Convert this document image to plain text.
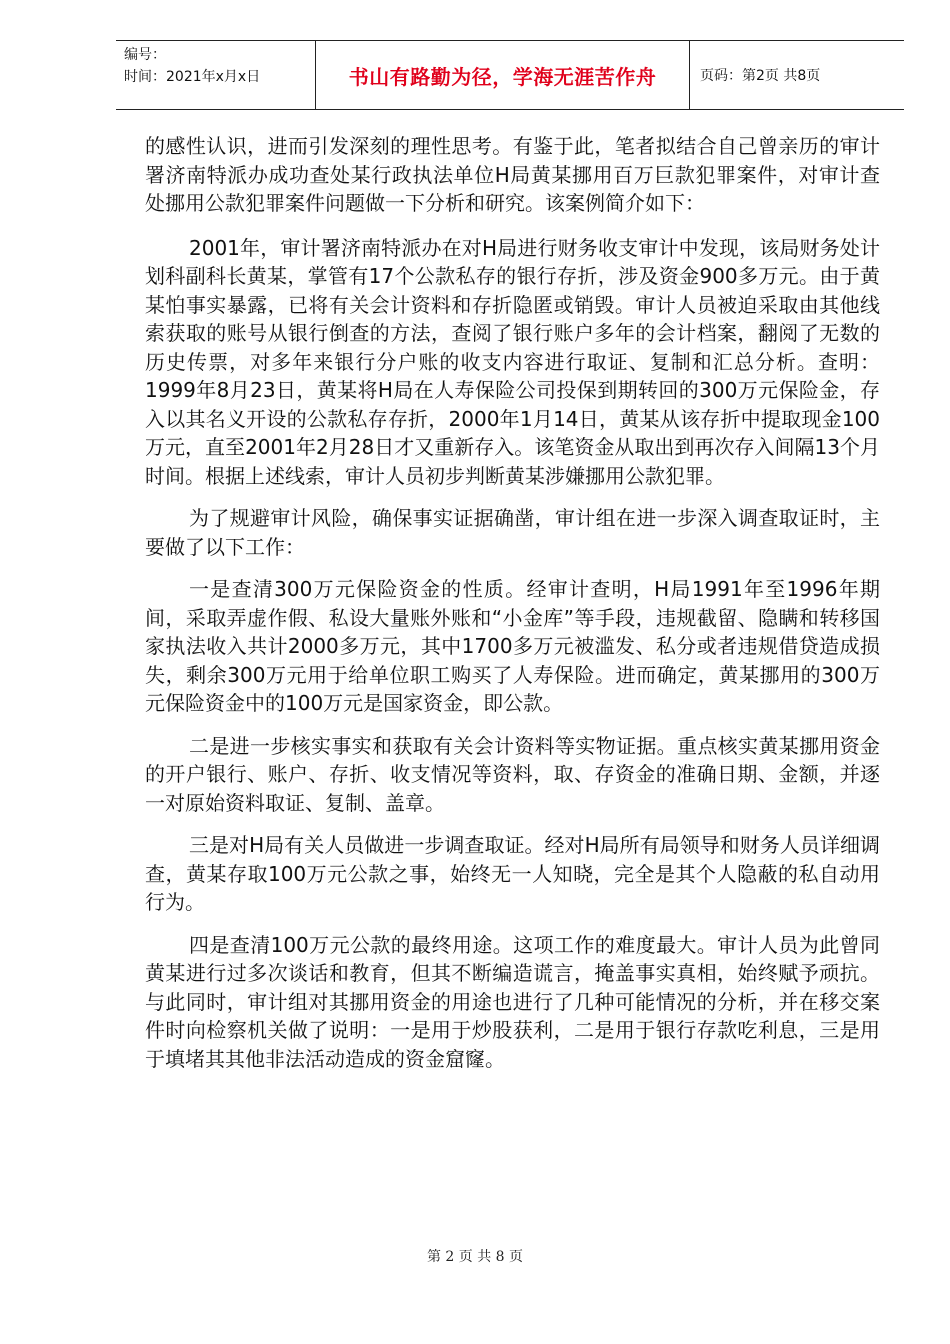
编号：
时间：2021年x月x日	书山有路勤为径，学海无涯苦作舟	页码：第2页 共8页

的感性认识，进而引发深刻的理性思考。有鉴于此，笔者拟结合自己曾亲历的审计署济南特派办成功查处某行政执法单位H局黄某挪用百万巨款犯罪案件，对审计查处挪用公款犯罪案件问题做一下分析和研究。该案例简介如下：

2001年，审计署济南特派办在对H局进行财务收支审计中发现，该局财务处计划科副科长黄某，掌管有17个公款私存的银行存折，涉及资金900多万元。由于黄某怕事实暴露，已将有关会计资料和存折隐匿或销毁。审计人员被迫采取由其他线索获取的账号从银行倒查的方法，查阅了银行账户多年的会计档案，翻阅了无数的历史传票，对多年来银行分户账的收支内容进行取证、复制和汇总分析。查明：1999年8月23日，黄某将H局在人寿保险公司投保到期转回的300万元保险金，存入以其名义开设的公款私存存折，2000年1月14日，黄某从该存折中提取现金100万元，直至2001年2月28日才又重新存入。该笔资金从取出到再次存入间隔13个月时间。根据上述线索，审计人员初步判断黄某涉嫌挪用公款犯罪。

为了规避审计风险，确保事实证据确凿，审计组在进一步深入调查取证时，主要做了以下工作：

一是查清300万元保险资金的性质。经审计查明，H局1991年至1996年期间，采取弄虚作假、私设大量账外账和“小金库”等手段，违规截留、隐瞒和转移国家执法收入共计2000多万元，其中1700多万元被滥发、私分或者违规借贷造成损失，剩余300万元用于给单位职工购买了人寿保险。进而确定，黄某挪用的300万元保险资金中的100万元是国家资金，即公款。

二是进一步核实事实和获取有关会计资料等实物证据。重点核实黄某挪用资金的开户银行、账户、存折、收支情况等资料，取、存资金的准确日期、金额，并逐一对原始资料取证、复制、盖章。

三是对H局有关人员做进一步调查取证。经对H局所有局领导和财务人员详细调查，黄某存取100万元公款之事，始终无一人知晓，完全是其个人隐蔽的私自动用行为。

四是查清100万元公款的最终用途。这项工作的难度最大。审计人员为此曾同黄某进行过多次谈话和教育，但其不断编造谎言，掩盖事实真相，始终赋予顽抗。与此同时，审计组对其挪用资金的用途也进行了几种可能情况的分析，并在移交案件时向检察机关做了说明：一是用于炒股获利，二是用于银行存款吃利息，三是用于填堵其其他非法活动造成的资金窟窿。

第 2 页 共 8 页
